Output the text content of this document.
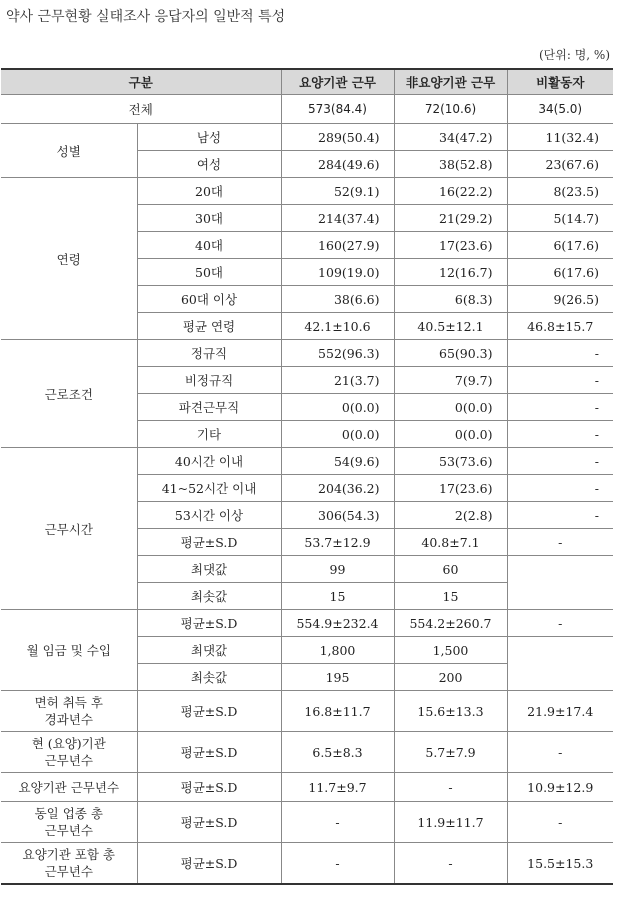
약사 근무현황 실태조사 응답자의 일반적 특성
(단위: 명, %)
구분		요양기관 근무	非요양기관 근무	비활동자
전체		573(84.4)	72(10.6)	34(5.0)
성별	남성	289(50.4)	34(47.2)	11(32.4)
	여성	284(49.6)	38(52.8)	23(67.6)
연령	20대	52(9.1)	16(22.2)	8(23.5)
	30대	214(37.4)	21(29.2)	5(14.7)
	40대	160(27.9)	17(23.6)	6(17.6)
	50대	109(19.0)	12(16.7)	6(17.6)
	60대 이상	38(6.6)	6(8.3)	9(26.5)
	평균 연령	42.1±10.6	40.5±12.1	46.8±15.7
근로조건	정규직	552(96.3)	65(90.3)	-
	비정규직	21(3.7)	7(9.7)	-
	파견근무직	0(0.0)	0(0.0)	-
	기타	0(0.0)	0(0.0)	-
근무시간	40시간 이내	54(9.6)	53(73.6)	-
	41~52시간 이내	204(36.2)	17(23.6)	-
	53시간 이상	306(54.3)	2(2.8)	-
	평균±S.D	53.7±12.9	40.8±7.1	-
	최댓값	99	60	
	최솟값	15	15	
월 임금 및 수입	평균±S.D	554.9±232.4	554.2±260.7	-
	최댓값	1,800	1,500	
	최솟값	195	200	
면허 취득 후
경과년수	평균±S.D	16.8±11.7	15.6±13.3	21.9±17.4
현 (요양)기관
근무년수	평균±S.D	6.5±8.3	5.7±7.9	-
요양기관 근무년수	평균±S.D	11.7±9.7	-	10.9±12.9
동일 업종 총
근무년수	평균±S.D	-	11.9±11.7	-
요양기관 포함 총
근무년수	평균±S.D	-	-	15.5±15.3
